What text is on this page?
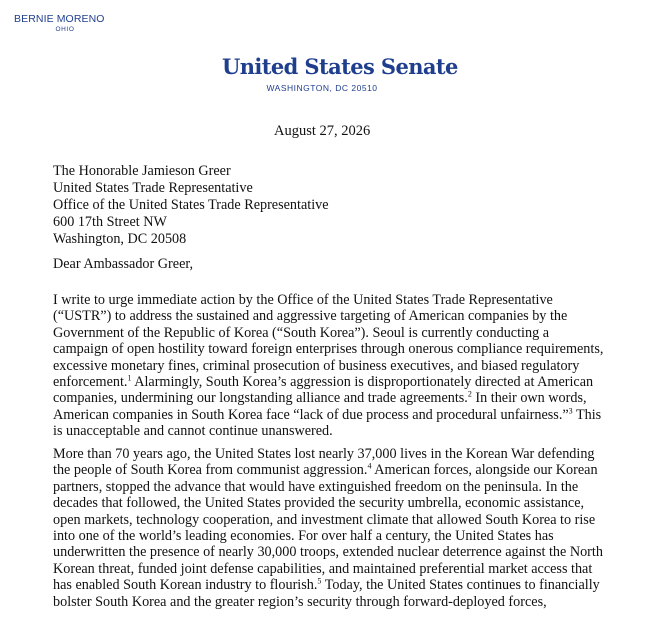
BERNIE MORENO
OHIO
United States Senate
WASHINGTON, DC 20510
August 27, 2026
The Honorable Jamieson Greer
United States Trade Representative
Office of the United States Trade Representative
600 17th Street NW
Washington, DC 20508
Dear Ambassador Greer,
I write to urge immediate action by the Office of the United States Trade Representative
(“USTR”) to address the sustained and aggressive targeting of American companies by the
Government of the Republic of Korea (“South Korea”). Seoul is currently conducting a
campaign of open hostility toward foreign enterprises through onerous compliance requirements,
excessive monetary fines, criminal prosecution of business executives, and biased regulatory
enforcement.$^1$ Alarmingly, South Korea’s aggression is disproportionately directed at American
companies, undermining our longstanding alliance and trade agreements.$^2$ In their own words,
American companies in South Korea face “lack of due process and procedural unfairness.”$^3$ This
is unacceptable and cannot continue unanswered.
More than 70 years ago, the United States lost nearly 37,000 lives in the Korean War defending
the people of South Korea from communist aggression.$^4$ American forces, alongside our Korean
partners, stopped the advance that would have extinguished freedom on the peninsula. In the
decades that followed, the United States provided the security umbrella, economic assistance,
open markets, technology cooperation, and investment climate that allowed South Korea to rise
into one of the world’s leading economies. For over half a century, the United States has
underwritten the presence of nearly 30,000 troops, extended nuclear deterrence against the North
Korean threat, funded joint defense capabilities, and maintained preferential market access that
has enabled South Korean industry to flourish.$^5$ Today, the United States continues to financially
bolster South Korea and the greater region’s security through forward-deployed forces,
